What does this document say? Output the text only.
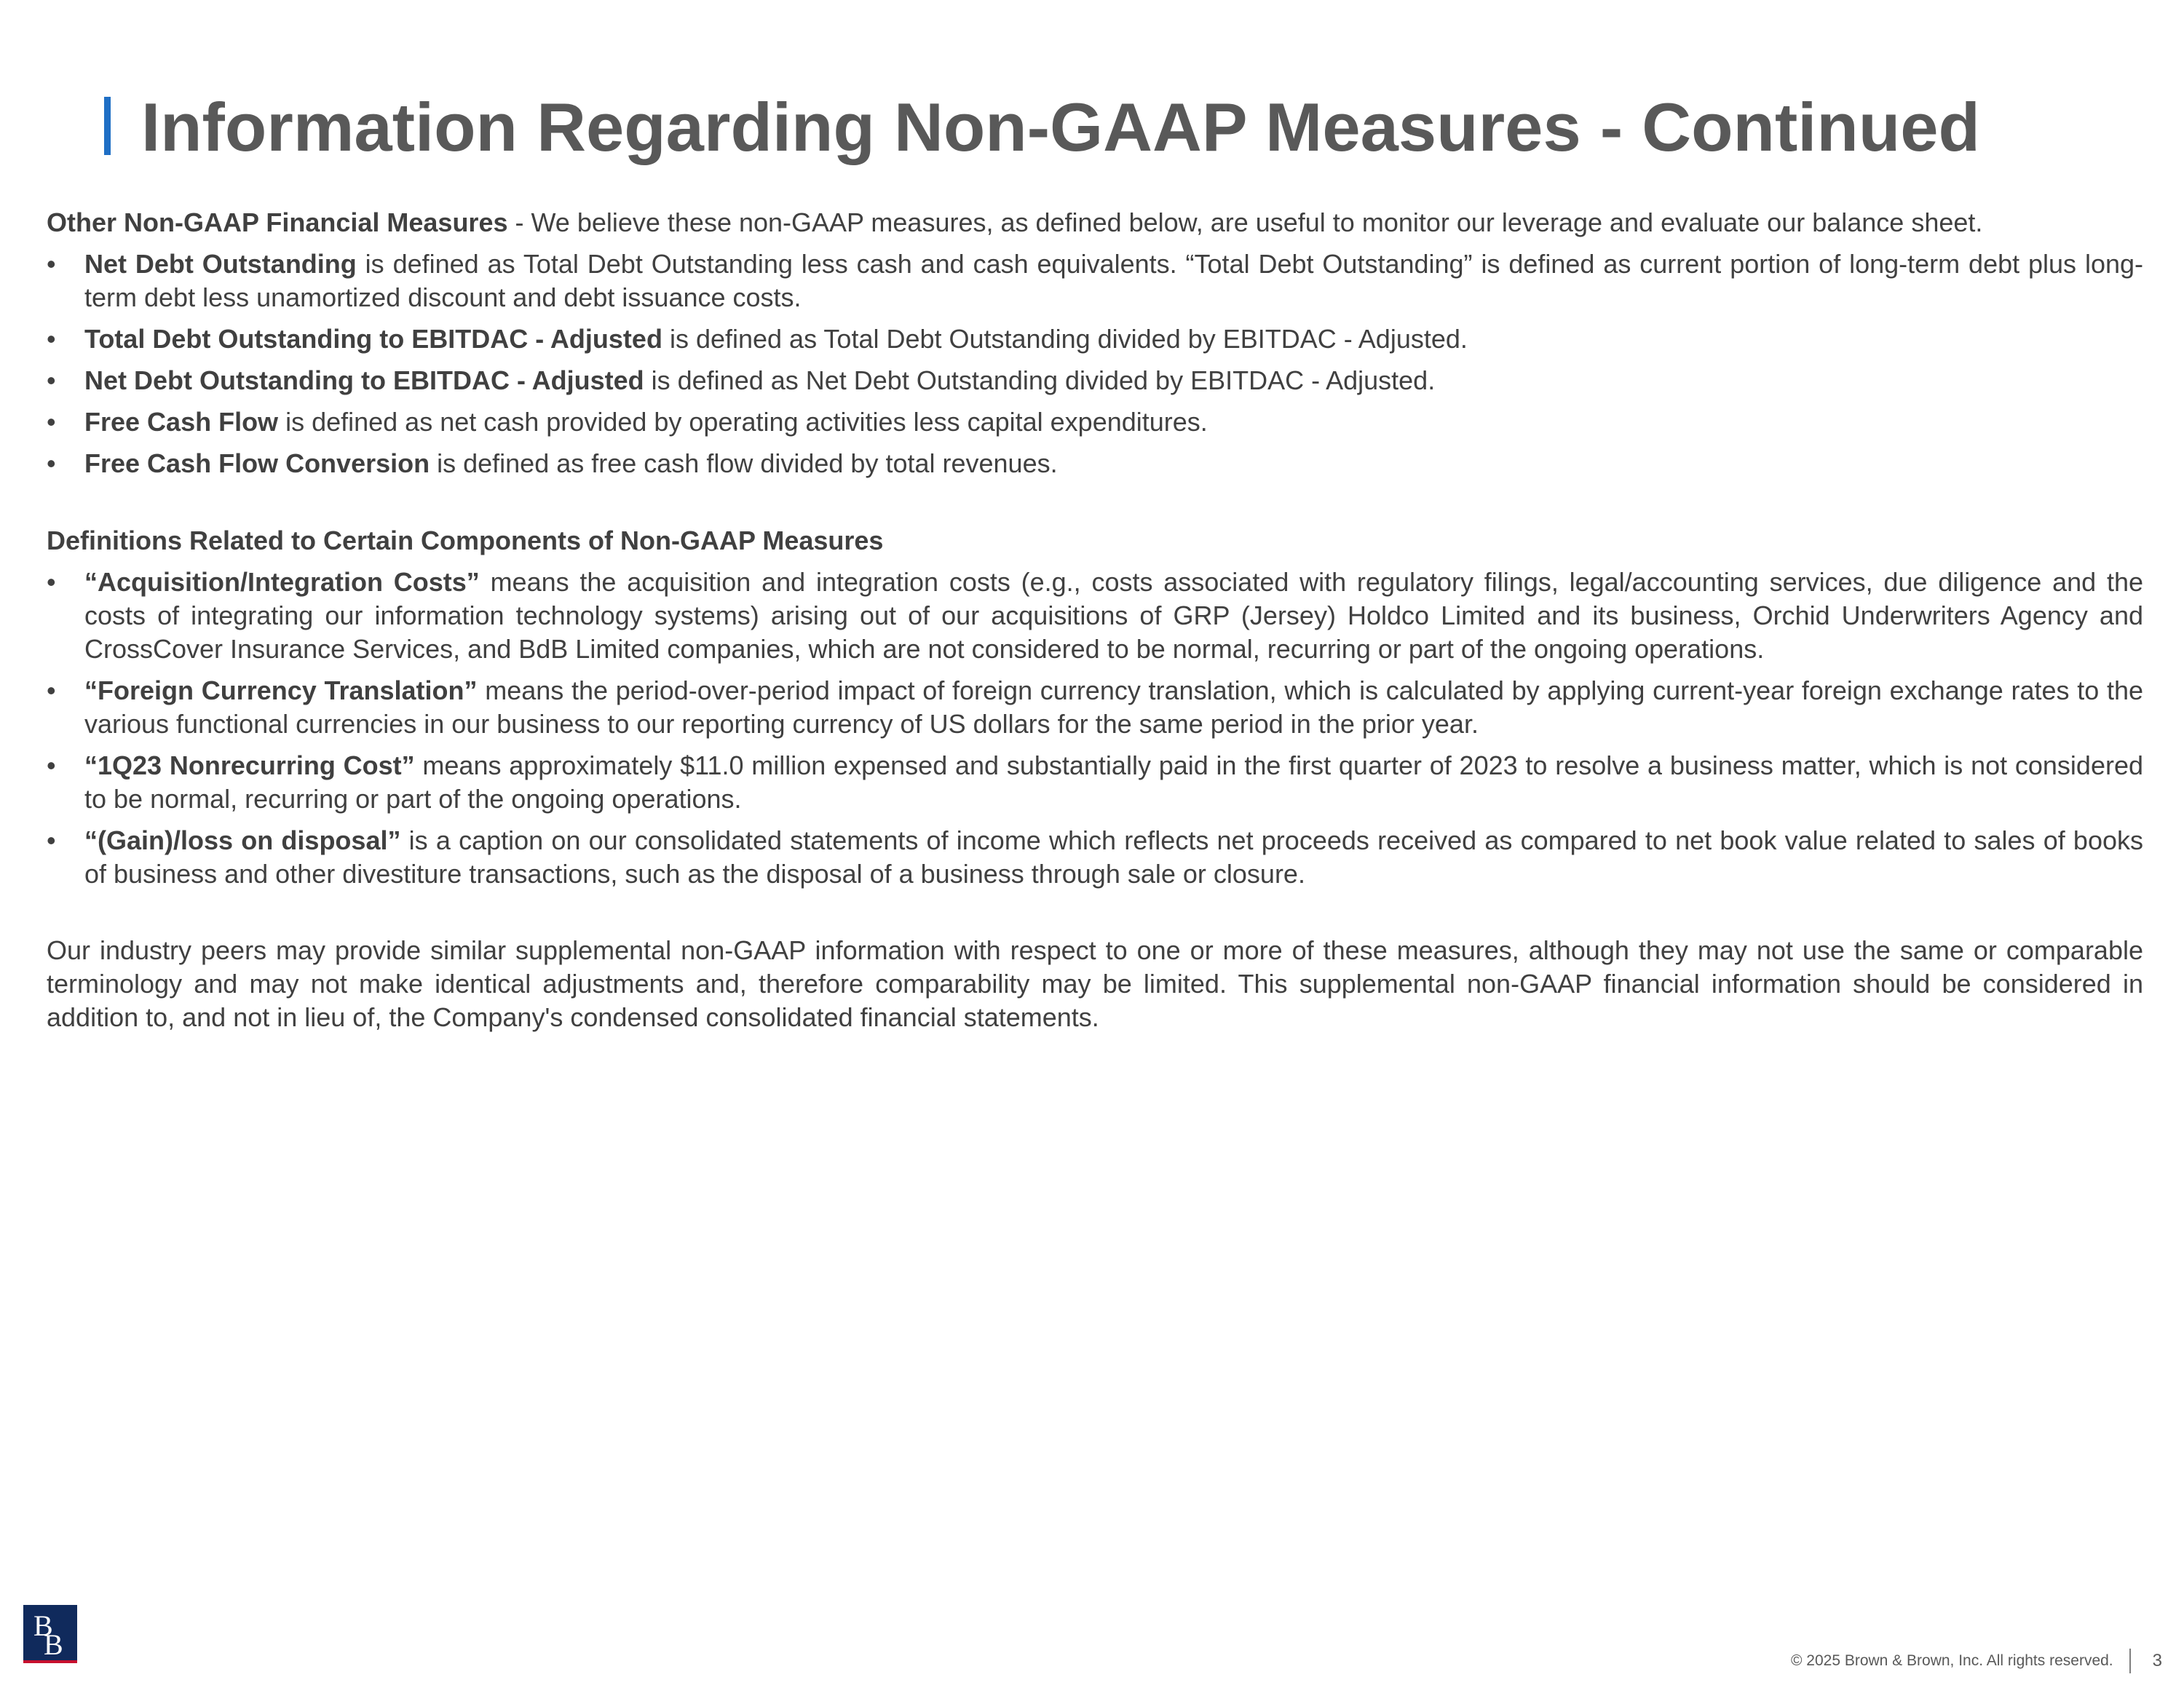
Information Regarding Non-GAAP Measures - Continued

Other Non-GAAP Financial Measures - We believe these non-GAAP measures, as defined below, are useful to monitor our leverage and evaluate our balance sheet.

• Net Debt Outstanding is defined as Total Debt Outstanding less cash and cash equivalents. “Total Debt Outstanding” is defined as current portion of long-term debt plus long-term debt less unamortized discount and debt issuance costs.
• Total Debt Outstanding to EBITDAC - Adjusted is defined as Total Debt Outstanding divided by EBITDAC - Adjusted.
• Net Debt Outstanding to EBITDAC - Adjusted is defined as Net Debt Outstanding divided by EBITDAC - Adjusted.
• Free Cash Flow is defined as net cash provided by operating activities less capital expenditures.
• Free Cash Flow Conversion is defined as free cash flow divided by total revenues.

Definitions Related to Certain Components of Non-GAAP Measures

• “Acquisition/Integration Costs” means the acquisition and integration costs (e.g., costs associated with regulatory filings, legal/accounting services, due diligence and the costs of integrating our information technology systems) arising out of our acquisitions of GRP (Jersey) Holdco Limited and its business, Orchid Underwriters Agency and CrossCover Insurance Services, and BdB Limited companies, which are not considered to be normal, recurring or part of the ongoing operations.
• “Foreign Currency Translation” means the period-over-period impact of foreign currency translation, which is calculated by applying current-year foreign exchange rates to the various functional currencies in our business to our reporting currency of US dollars for the same period in the prior year.
• “1Q23 Nonrecurring Cost” means approximately $11.0 million expensed and substantially paid in the first quarter of 2023 to resolve a business matter, which is not considered to be normal, recurring or part of the ongoing operations.
• “(Gain)/loss on disposal” is a caption on our consolidated statements of income which reflects net proceeds received as compared to net book value related to sales of books of business and other divestiture transactions, such as the disposal of a business through sale or closure.

Our industry peers may provide similar supplemental non-GAAP information with respect to one or more of these measures, although they may not use the same or comparable terminology and may not make identical adjustments and, therefore comparability may be limited. This supplemental non-GAAP financial information should be considered in addition to, and not in lieu of, the Company's condensed consolidated financial statements.

B
B	© 2025 Brown & Brown, Inc. All rights reserved. 3
